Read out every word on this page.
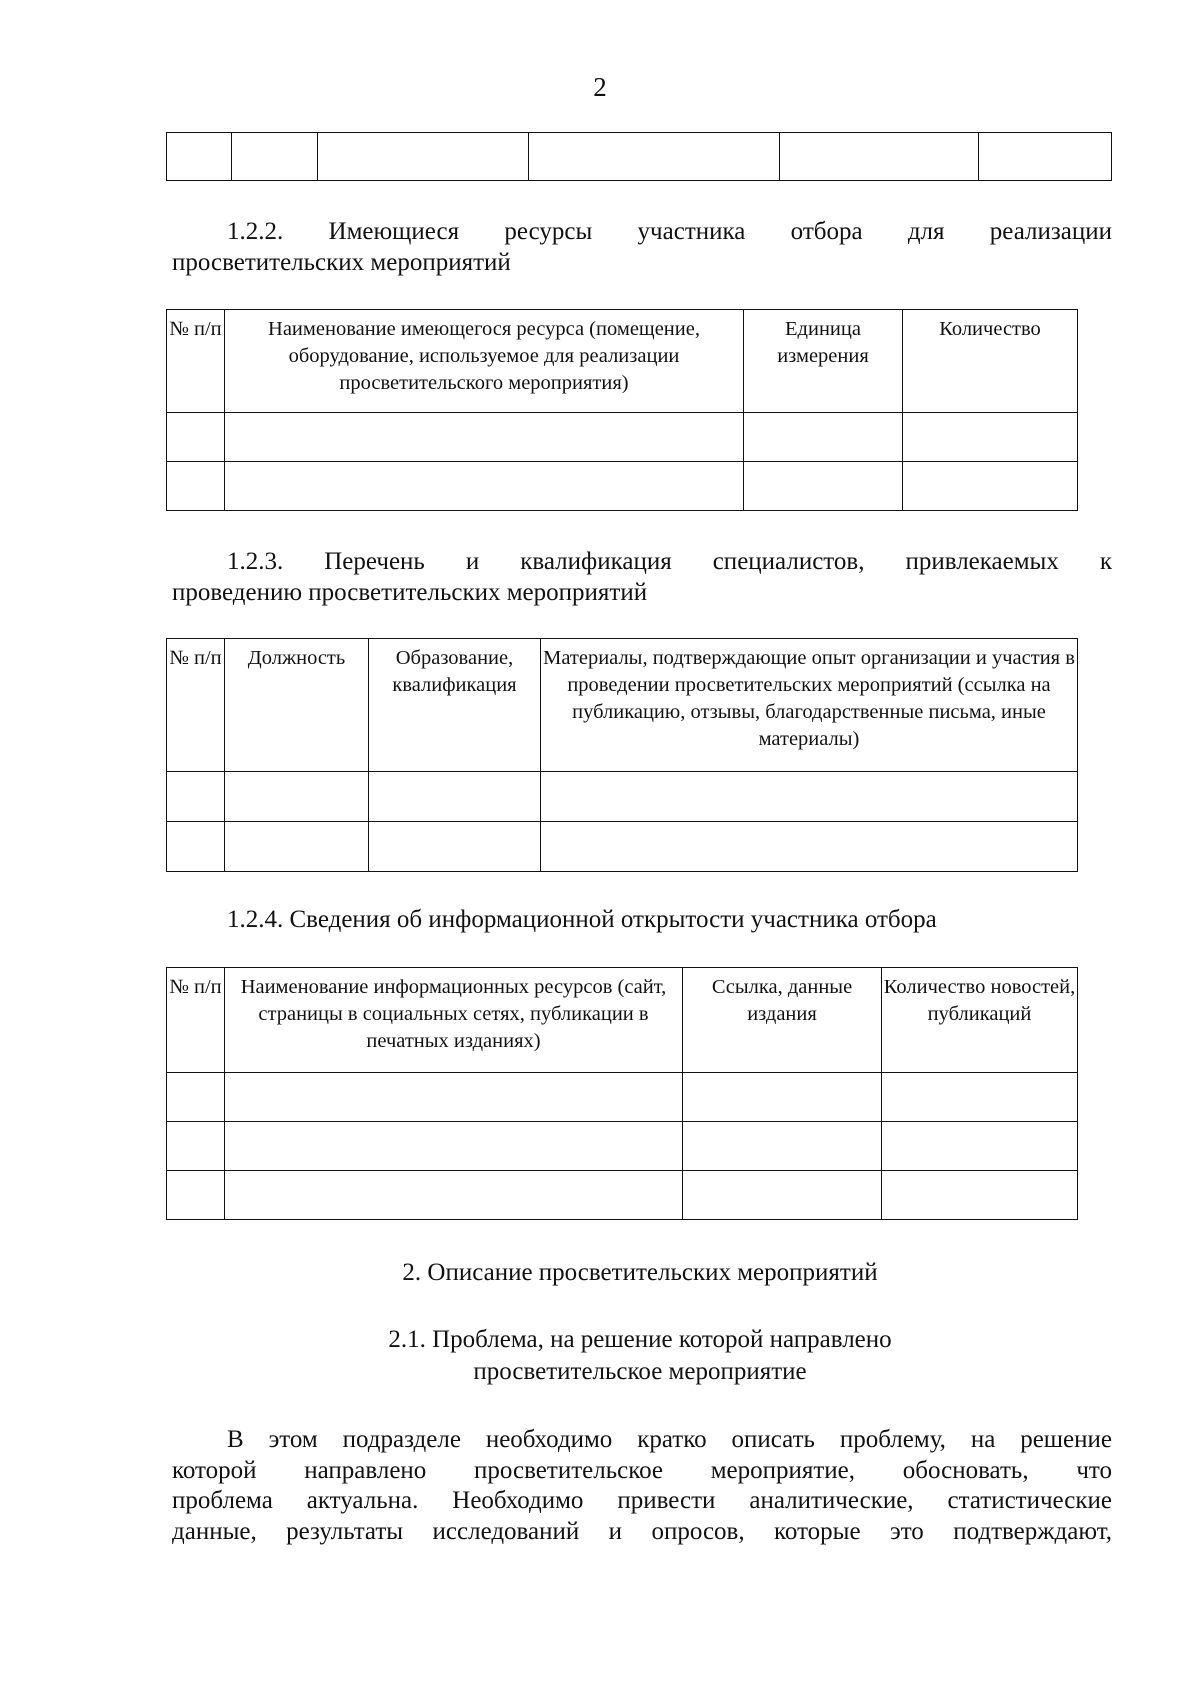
2

1.2.2. Имеющиеся ресурсы участника отбора для реализации
просветительских мероприятий
№ п/п	Наименование имеющегося ресурса (помещение, оборудование, используемое для реализации просветительского мероприятия)	Единица измерения	Количество

1.2.3. Перечень и квалификация специалистов, привлекаемых к
проведению просветительских мероприятий
№ п/п	Должность	Образование, квалификация	Материалы, подтверждающие опыт организации и участия в проведении просветительских мероприятий (ссылка на публикацию, отзывы, благодарственные письма, иные материалы)

1.2.4. Сведения об информационной открытости участника отбора
№ п/п	Наименование информационных ресурсов (сайт, страницы в социальных сетях, публикации в печатных изданиях)	Ссылка, данные издания	Количество новостей, публикаций

2. Описание просветительских мероприятий
2.1. Проблема, на решение которой направлено
просветительское мероприятие
В этом подразделе необходимо кратко описать проблему, на решение
которой направлено просветительское мероприятие, обосновать, что
проблема актуальна. Необходимо привести аналитические, статистические
данные, результаты исследований и опросов, которые это подтверждают,
